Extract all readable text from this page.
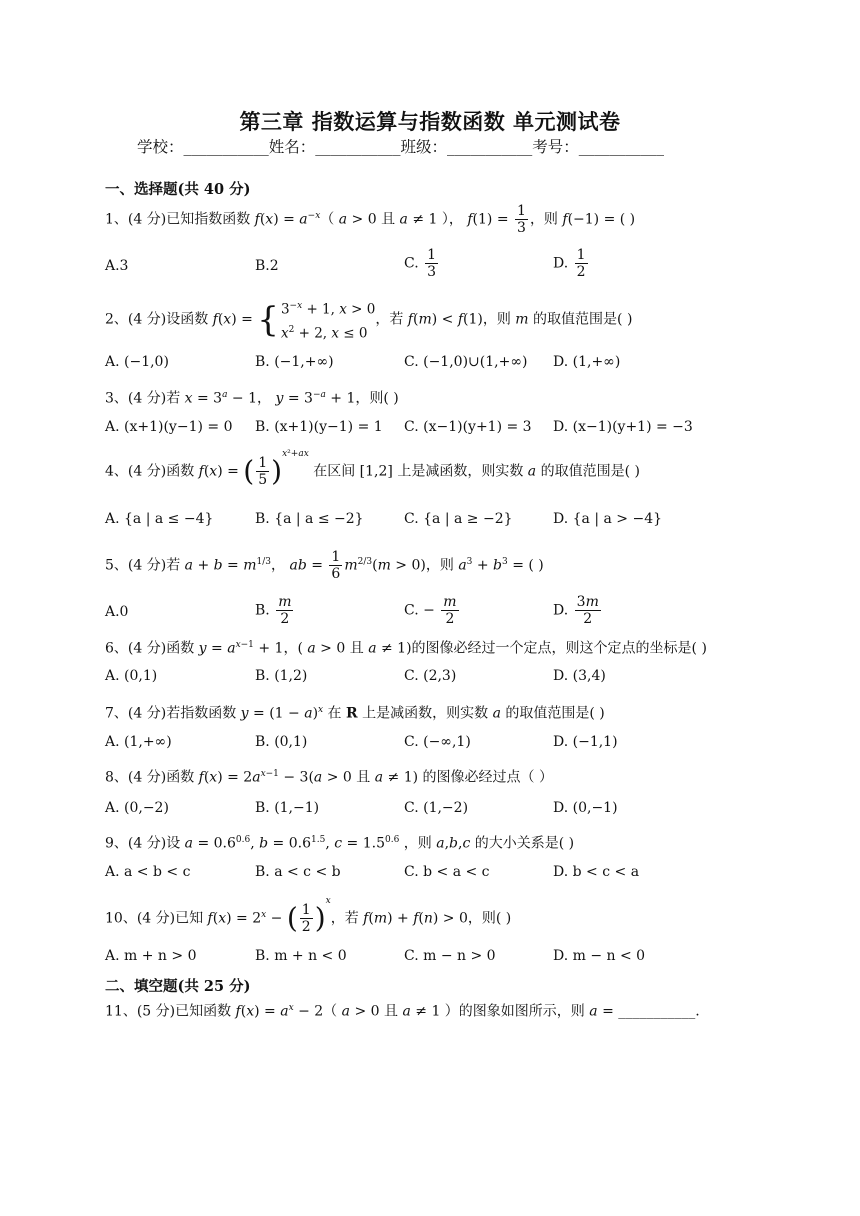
第三章 指数运算与指数函数 单元测试卷
学校：___________姓名：___________班级：___________考号：___________
一、选择题(共 40 分)
1、(4 分)已知指数函数 $f(x) = a^{-x}$（ a > 0 且 a ≠ 1 ）， $f(1) = \frac{1}{3}$ ，则 f(−1) = ( )
A.3	B.2	C. $\frac{1}{3}$	D. $\frac{1}{2}$
2、(4 分)设函数 f(x) = { $3^{-x} + 1$, x > 0
$x^2 + 2$, x ≤ 0，若 f(m) < f(1)，则 m 的取值范围是( )
A. (−1,0)	B. (−1,+∞)	C. (−1,0)∪(1,+∞) D. (1,+∞)
3、(4 分)若 $x = 3^a - 1$， $y = 3^{-a} + 1$，则( )
A. (x+1)(y−1) = 0 B. (x+1)(y−1) = 1 C. (x−1)(y+1) = 3 D. (x−1)(y+1) = −3
4、(4 分)函数 f(x) = ( $\frac{1}{5} )^{x^2+ax}$ 在区间 [1,2] 上是减函数，则实数 a 的取值范围是( )
A. {a | a ≤ −4}	B. {a | a ≤ −2}	C. {a | a ≥ −2}	D. {a | a > −4}
5、(4 分)若 $a + b = m^{1/3}$， ab = $\frac{1}{6} m^{2/3}(m > 0)$，则 $a^3 + b^3$ = ( )
A.0	B. $\frac{m}{2}$	C. − $\frac{m}{2}$	D. $\frac{3m}{2}$
6、(4 分)函数 $y = a^{x-1} + 1$，( a > 0 且 a ≠ 1)的图像必经过一个定点，则这个定点的坐标是( )
A. (0,1)	B. (1,2)	C. (2,3)	D. (3,4)
7、(4 分)若指数函数 $y = (1 - a)^x$ 在 R 上是减函数，则实数 a 的取值范围是( )
A. (1,+∞)	B. (0,1)	C. (−∞,1)	D. (−1,1)
8、(4 分)函数 $f(x) = 2a^{x-1} - 3(a > 0$ 且 a ≠ 1) 的图像必经过点（ ）
A. (0,−2)	B. (1,−1)	C. (1,−2)	D. (0,−1)
9、(4 分)设 $a = 0.6^{0.6}$, $b = 0.6^{1.5}$, $c = 1.5^{0.6}$ ，则 a,b,c 的大小关系是( )
A. a < b < c	B. a < c < b	C. b < a < c	D. b < c < a
10、(4 分)已知 $f(x) = 2^x$ − ( $\frac{1}{2} )^x$，若 f(m) + f(n) > 0，则( )
A. m + n > 0	B. m + n < 0	C. m − n > 0	D. m − n < 0
二、填空题(共 25 分)
11、(5 分)已知函数 $f(x) = a^x - 2$（ a > 0 且 a ≠ 1 ）的图象如图所示，则 a = ___________.
